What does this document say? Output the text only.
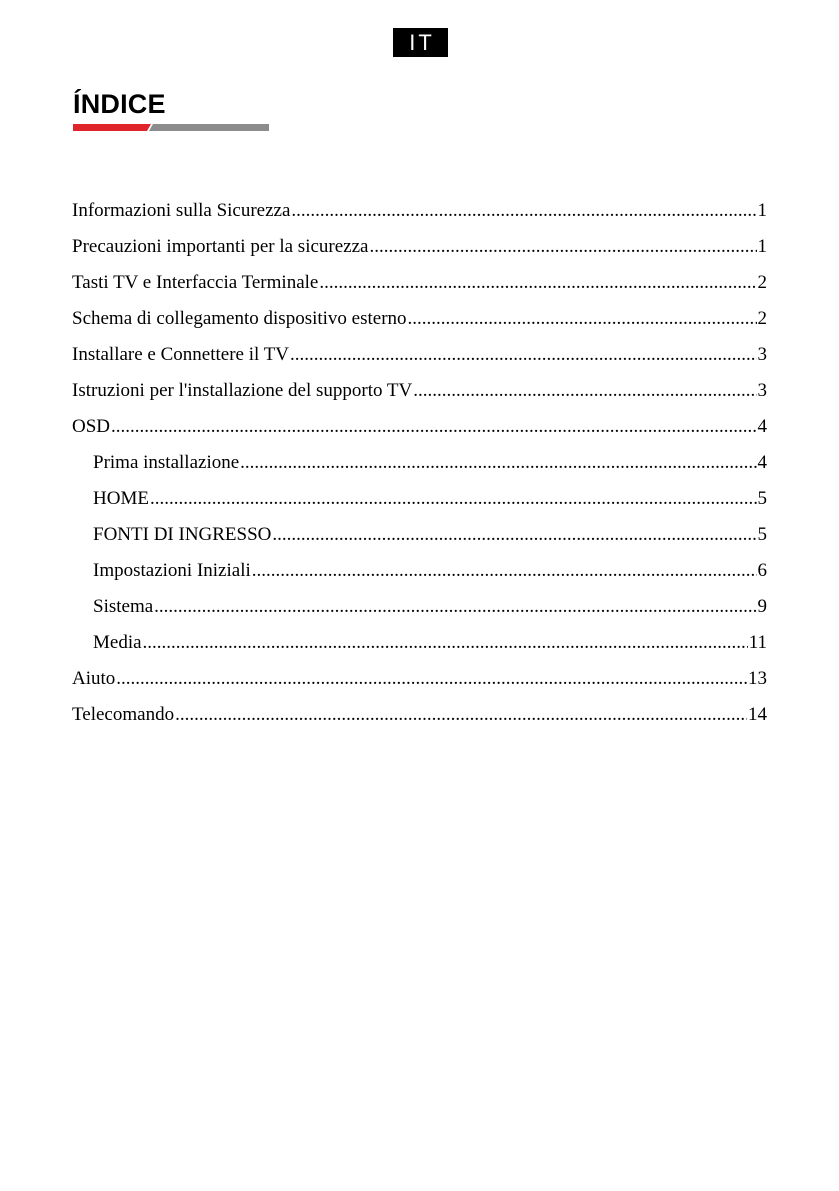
IT
ÍNDICE
Informazioni sulla Sicurezza .....	1
Precauzioni importanti per la sicurezza .....	1
Tasti TV e Interfaccia Terminale .....	2
Schema di collegamento dispositivo esterno .....	2
Installare e Connettere il TV .....	3
Istruzioni per l'installazione del supporto TV .....	3
OSD .....	4
Prima installazione .....	4
HOME .....	5
FONTI DI INGRESSO .....	5
Impostazioni Iniziali .....	6
Sistema .....	9
Media .....	11
Aiuto .....	13
Telecomando .....	14
